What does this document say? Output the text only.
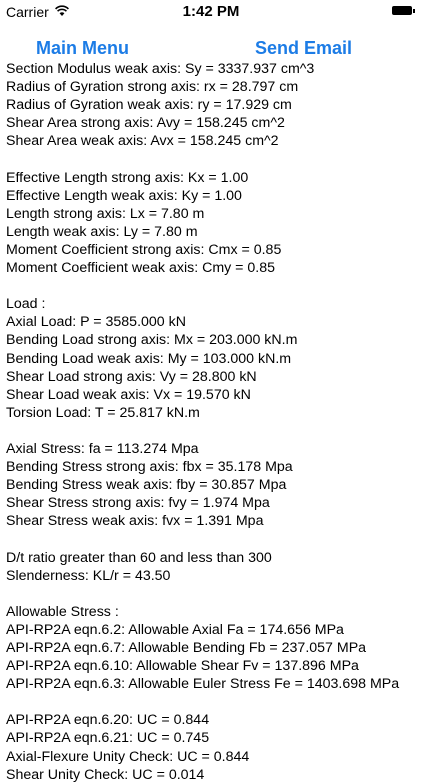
Carrier	1:42 PM
Main Menu	Send Email
Section Modulus weak axis: Sy = 3337.937 cm^3
Radius of Gyration strong axis: rx = 28.797 cm
Radius of Gyration weak axis: ry = 17.929 cm
Shear Area strong axis: Avy = 158.245 cm^2
Shear Area weak axis: Avx = 158.245 cm^2
Effective Length strong axis: Kx = 1.00
Effective Length weak axis: Ky = 1.00
Length strong axis: Lx = 7.80 m
Length weak axis: Ly = 7.80 m
Moment Coefficient strong axis: Cmx = 0.85
Moment Coefficient weak axis: Cmy = 0.85
Load :
Axial Load: P = 3585.000 kN
Bending Load strong axis: Mx = 203.000 kN.m
Bending Load weak axis: My = 103.000 kN.m
Shear Load strong axis: Vy = 28.800 kN
Shear Load weak axis: Vx = 19.570 kN
Torsion Load: T = 25.817 kN.m
Axial Stress: fa = 113.274 Mpa
Bending Stress strong axis: fbx = 35.178 Mpa
Bending Stress weak axis: fby = 30.857 Mpa
Shear Stress strong axis: fvy = 1.974 Mpa
Shear Stress weak axis: fvx = 1.391 Mpa
D/t ratio greater than 60 and less than 300
Slenderness: KL/r = 43.50
Allowable Stress :
API-RP2A eqn.6.2: Allowable Axial Fa = 174.656 MPa
API-RP2A eqn.6.7: Allowable Bending Fb = 237.057 MPa
API-RP2A eqn.6.10: Allowable Shear Fv = 137.896 MPa
API-RP2A eqn.6.3: Allowable Euler Stress Fe = 1403.698 MPa
API-RP2A eqn.6.20: UC = 0.844
API-RP2A eqn.6.21: UC = 0.745
Axial-Flexure Unity Check: UC = 0.844
Shear Unity Check: UC = 0.014
